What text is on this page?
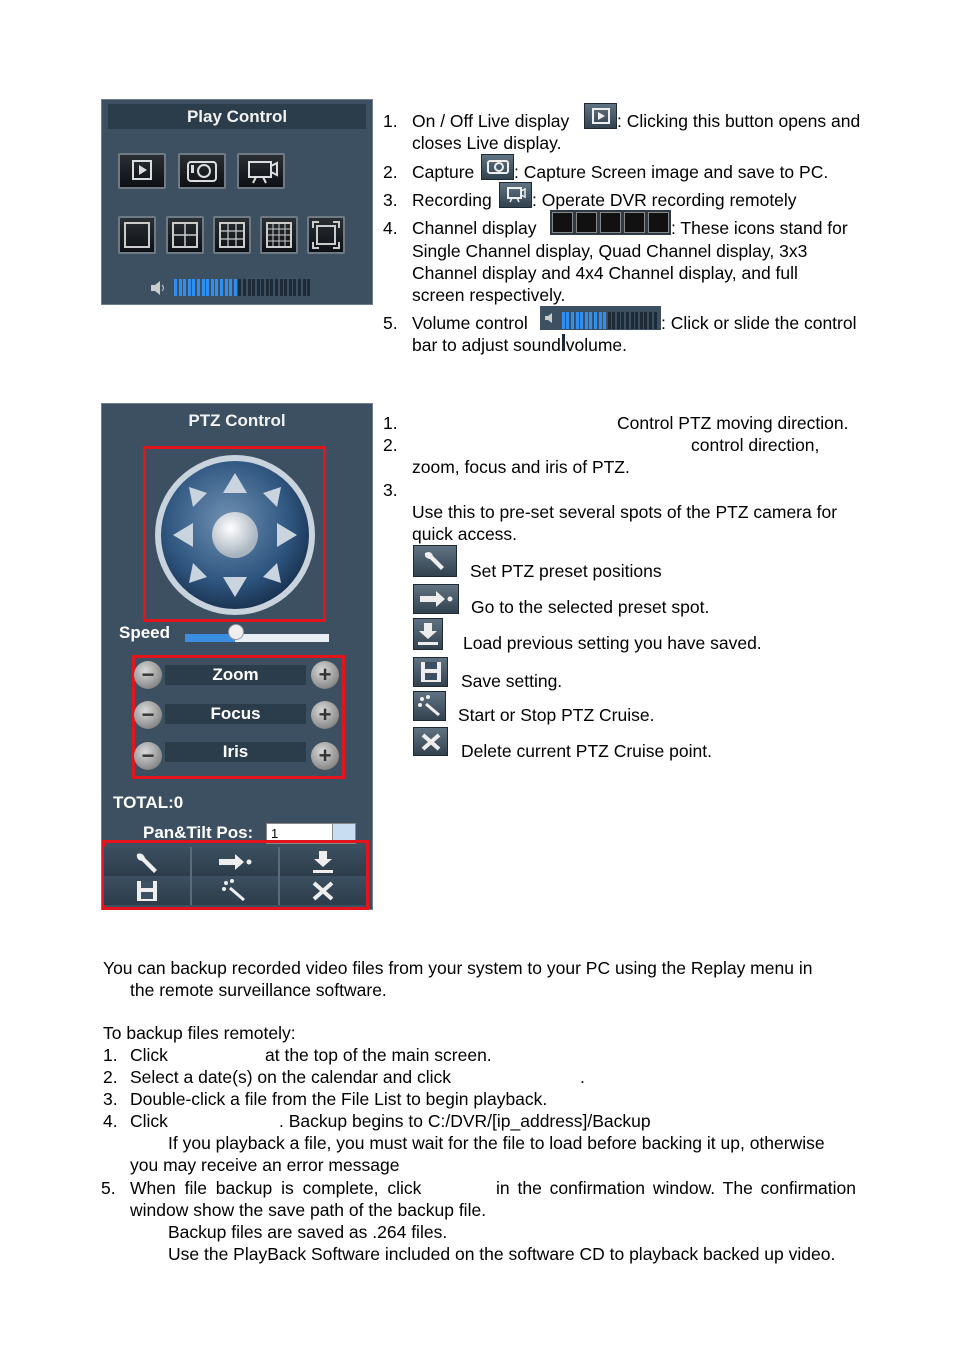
Play Control	1. On / Off Live display	: Clicking this button opens and
closes Live display.
2. Capture : Capture Screen image and save to PC.
3. Recording : Operate DVR recording remotely
4. Channel display	: These icons stand for
Single Channel display, Quad Channel display, 3x3
Channel display and 4x4 Channel display, and full
screen respectively.
5. Volume control	: Click or slide the control
bar to adjust sound volume.
PTZ Control
Speed
−	Zoom	+
−	Focus	+
−	Iris	+
TOTAL:0
Pan&Tilt Pos: 1
1.	Control PTZ moving direction.
2.	control direction,
zoom, focus and iris of PTZ.
3.
Use this to pre-set several spots of the PTZ camera for
quick access.
Set PTZ preset positions
Go to the selected preset spot.
Load previous setting you have saved.
Save setting.
Start or Stop PTZ Cruise.
Delete current PTZ Cruise point.
You can backup recorded video files from your system to your PC using the Replay menu in
the remote surveillance software.
To backup files remotely:
1. Click	at the top of the main screen.
2. Select a date(s) on the calendar and click	.
3. Double-click a file from the File List to begin playback.
4. Click	. Backup begins to C:/DVR/[ip_address]/Backup
If you playback a file, you must wait for the file to load before backing it up, otherwise
you may receive an error message
5. When file backup is complete, click	in the confirmation window. The confirmation
window show the save path of the backup file.
Backup files are saved as .264 files.
Use the PlayBack Software included on the software CD to playback backed up video.
